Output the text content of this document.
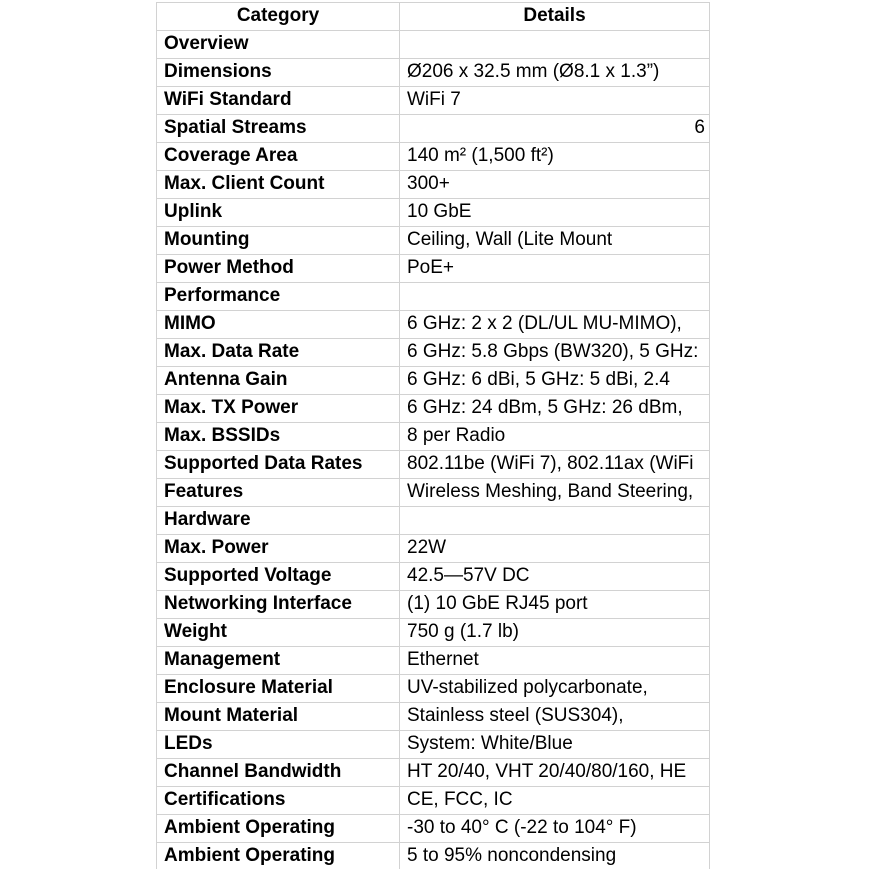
Category	Details
Overview	
Dimensions	Ø206 x 32.5 mm (Ø8.1 x 1.3”)
WiFi Standard	WiFi 7
Spatial Streams	6
Coverage Area	140 m² (1,500 ft²)
Max. Client Count	300+
Uplink	10 GbE
Mounting	Ceiling, Wall (Lite Mount
Power Method	PoE+
Performance	
MIMO	6 GHz: 2 x 2 (DL/UL MU-MIMO),
Max. Data Rate	6 GHz: 5.8 Gbps (BW320), 5 GHz:
Antenna Gain	6 GHz: 6 dBi, 5 GHz: 5 dBi, 2.4
Max. TX Power	6 GHz: 24 dBm, 5 GHz: 26 dBm,
Max. BSSIDs	8 per Radio
Supported Data Rates	802.11be (WiFi 7), 802.11ax (WiFi
Features	Wireless Meshing, Band Steering,
Hardware	
Max. Power	22W
Supported Voltage	42.5—57V DC
Networking Interface	(1) 10 GbE RJ45 port
Weight	750 g (1.7 lb)
Management	Ethernet
Enclosure Material	UV-stabilized polycarbonate,
Mount Material	Stainless steel (SUS304),
LEDs	System: White/Blue
Channel Bandwidth	HT 20/40, VHT 20/40/80/160, HE
Certifications	CE, FCC, IC
Ambient Operating	-30 to 40° C (-22 to 104° F)
Ambient Operating	5 to 95% noncondensing
